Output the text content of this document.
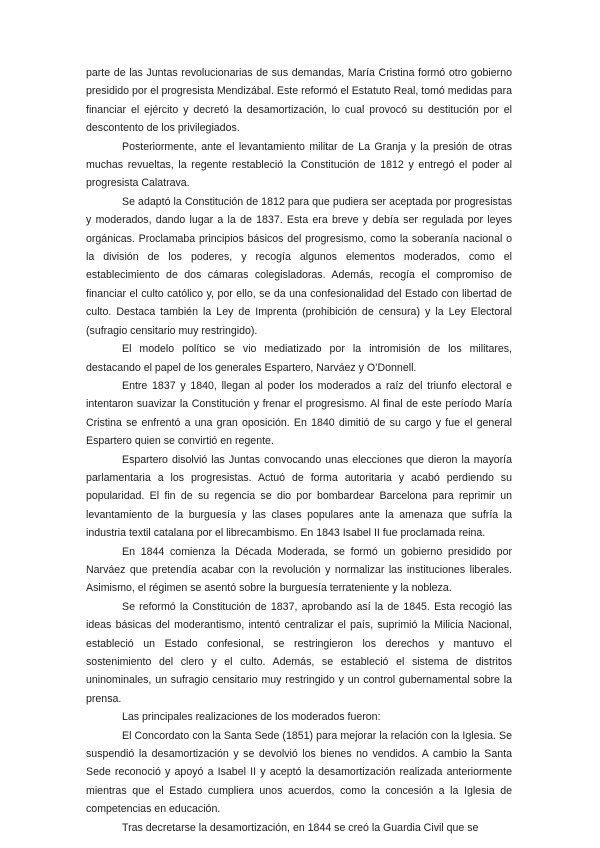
parte de las Juntas revolucionarias de sus demandas, María Cristina formó otro gobierno presidido por el progresista Mendizábal. Este reformó el Estatuto Real, tomó medidas para financiar el ejército y decretó la desamortización, lo cual provocó su destitución por el descontento de los privilegiados.

Posteriormente, ante el levantamiento militar de La Granja y la presión de otras muchas revueltas, la regente restableció la Constitución de 1812 y entregó el poder al progresista Calatrava.

Se adaptó la Constitución de 1812 para que pudiera ser aceptada por progresistas y moderados, dando lugar a la de 1837. Esta era breve y debía ser regulada por leyes orgánicas. Proclamaba principios básicos del progresismo, como la soberanía nacional o la división de los poderes, y recogía algunos elementos moderados, como el establecimiento de dos cámaras colegisladoras. Además, recogía el compromiso de financiar el culto católico y, por ello, se da una confesionalidad del Estado con libertad de culto. Destaca también la Ley de Imprenta (prohibición de censura) y la Ley Electoral (sufragio censitario muy restringido).

El modelo político se vio mediatizado por la intromisión de los militares, destacando el papel de los generales Espartero, Narváez y O’Donnell.

Entre 1837 y 1840, llegan al poder los moderados a raíz del triunfo electoral e intentaron suavizar la Constitución y frenar el progresismo. Al final de este período María Cristina se enfrentó a una gran oposición. En 1840 dimitió de su cargo y fue el general Espartero quien se convirtió en regente.

Espartero disolvió las Juntas convocando unas elecciones que dieron la mayoría parlamentaria a los progresistas. Actuó de forma autoritaria y acabó perdiendo su popularidad. El fin de su regencia se dio por bombardear Barcelona para reprimir un levantamiento de la burguesía y las clases populares ante la amenaza que sufría la industria textil catalana por el librecambismo. En 1843 Isabel II fue proclamada reina.

En 1844 comienza la Década Moderada, se formó un gobierno presidido por Narváez que pretendía acabar con la revolución y normalizar las instituciones liberales. Asimismo, el régimen se asentó sobre la burguesía terrateniente y la nobleza.

Se reformó la Constitución de 1837, aprobando así la de 1845. Esta recogió las ideas básicas del moderantismo, intentó centralizar el país, suprimió la Milicia Nacional, estableció un Estado confesional, se restringieron los derechos y mantuvo el sostenimiento del clero y el culto. Además, se estableció el sistema de distritos uninominales, un sufragio censitario muy restringido y un control gubernamental sobre la prensa.

Las principales realizaciones de los moderados fueron:

El Concordato con la Santa Sede (1851) para mejorar la relación con la Iglesia. Se suspendió la desamortización y se devolvió los bienes no vendidos. A cambio la Santa Sede reconoció y apoyó a Isabel II y aceptó la desamortización realizada anteriormente mientras que el Estado cumpliera unos acuerdos, como la concesión a la Iglesia de competencias en educación.

Tras decretarse la desamortización, en 1844 se creó la Guardia Civil que se
